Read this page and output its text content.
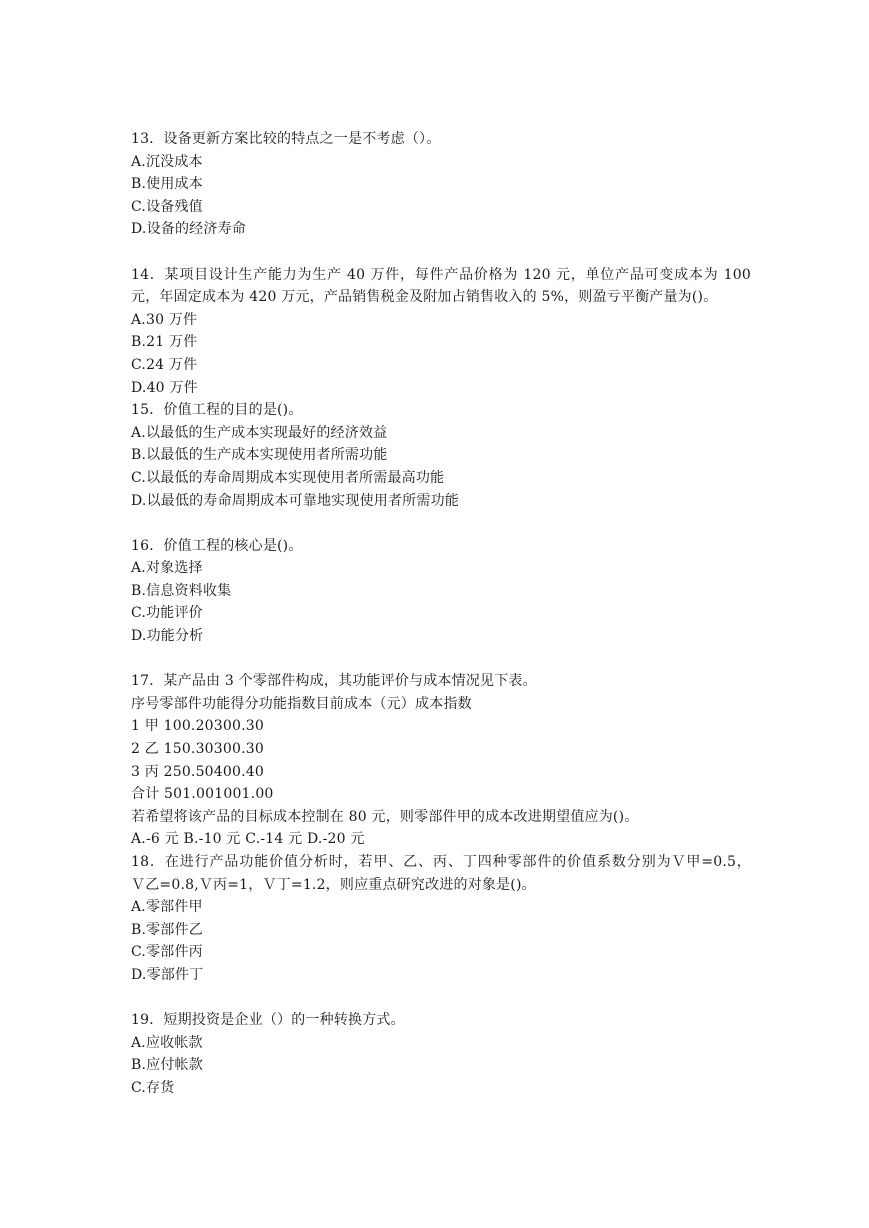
13．设备更新方案比较的特点之一是不考虑（）。
A.沉没成本
B.使用成本
C.设备残值
D.设备的经济寿命
14．某项目设计生产能力为生产 40 万件，每件产品价格为 120 元，单位产品可变成本为 100
元，年固定成本为 420 万元，产品销售税金及附加占销售收入的 5%，则盈亏平衡产量为()。
A.30 万件
B.21 万件
C.24 万件
D.40 万件
15．价值工程的目的是()。
A.以最低的生产成本实现最好的经济效益
B.以最低的生产成本实现使用者所需功能
C.以最低的寿命周期成本实现使用者所需最高功能
D.以最低的寿命周期成本可靠地实现使用者所需功能
16．价值工程的核心是()。
A.对象选择
B.信息资料收集
C.功能评价
D.功能分析
17．某产品由 3 个零部件构成，其功能评价与成本情况见下表。
序号零部件功能得分功能指数目前成本（元）成本指数
1 甲 100.20300.30
2 乙 150.30300.30
3 丙 250.50400.40
合计 501.001001.00
若希望将该产品的目标成本控制在 80 元，则零部件甲的成本改进期望值应为()。
A.-6 元 B.-10 元 C.-14 元 D.-20 元
18．在进行产品功能价值分析时，若甲、乙、丙、丁四种零部件的价值系数分别为Ｖ甲=0.5，
Ｖ乙=0.8,Ｖ丙=1，Ｖ丁=1.2，则应重点研究改进的对象是()。
A.零部件甲
B.零部件乙
C.零部件丙
D.零部件丁
19．短期投资是企业（）的一种转换方式。
A.应收帐款
B.应付帐款
C.存货
